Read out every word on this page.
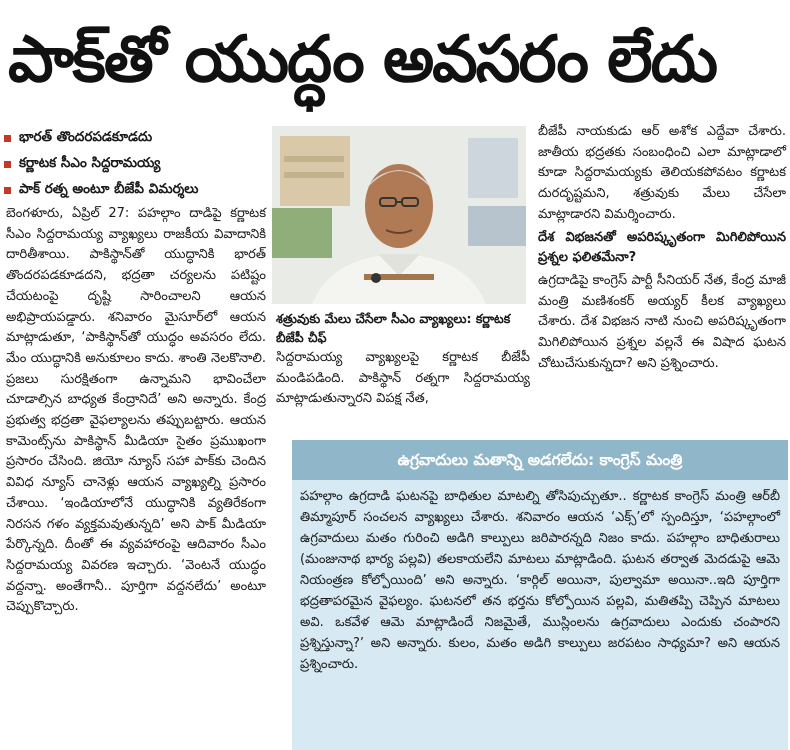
పాక్‌తో యుద్ధం అవసరం లేదు
భారత్ తొందరపడకూడదు
కర్ణాటక సీఎం సిద్దరామయ్య
పాక్ రత్న అంటూ బీజేపీ విమర్శలు

బెంగళూరు, ఏప్రిల్ 27: పహల్గాం దాడిపై కర్ణాటక సీఎం సిద్దరామయ్య వ్యాఖ్యలు రాజకీయ వివాదానికి దారితీశాయి. పాకిస్థాన్‌తో యుద్ధానికి భారత్ తొందరపడకూడదని, భద్రతా చర్యలను పటిష్టం చేయటంపై దృష్టి సారించాలని ఆయన అభిప్రాయపడ్డారు. శనివారం మైసూర్‌లో ఆయన మాట్లాడుతూ, ‘పాకిస్థాన్‌తో యుద్ధం అవసరం లేదు. మేం యుద్ధానికి అనుకూలం కాదు. శాంతి నెలకొనాలి. ప్రజలు సురక్షితంగా ఉన్నామని భావించేలా చూడాల్సిన బాధ్యత కేంద్రానిదే’ అని అన్నారు. కేంద్ర ప్రభుత్వ భద్రతా వైఫల్యాలను తప్పుబట్టారు. ఆయన కామెంట్స్‌ను పాకిస్థాన్ మీడియా సైతం ప్రముఖంగా ప్రసారం చేసింది. జియో న్యూస్ సహా పాక్‌కు చెందిన వివిధ న్యూస్ చానెళ్లు ఆయన వ్యాఖ్యల్ని ప్రసారం చేశాయి. ‘ఇండియాలోనే యుద్ధానికి వ్యతిరేకంగా నిరసన గళం వ్యక్తమవుతున్నది’ అని పాక్ మీడియా పేర్కొన్నది. దీంతో ఈ వ్యవహారంపై ఆదివారం సీఎం సిద్దరామయ్య వివరణ ఇచ్చారు. ‘వెంటనే యుద్ధం వద్దన్నా. అంతేగానీ.. పూర్తిగా వద్దనలేదు’ అంటూ చెప్పుకొచ్చారు.

శత్రువుకు మేలు చేసేలా సీఎం వ్యాఖ్యలు: కర్ణాటక బీజేపీ చీఫ్

సిద్దరామయ్య వ్యాఖ్యలపై కర్ణాటక బీజేపీ మండిపడింది. పాకిస్థాన్ రత్నగా సిద్దరామయ్య మాట్లాడుతున్నారని విపక్ష నేత,

బీజేపీ నాయకుడు ఆర్ అశోక ఎద్దేవా చేశారు. జాతీయ భద్రతకు సంబంధించి ఎలా మాట్లాడాలో కూడా సిద్దరామయ్యకు తెలియకపోవటం కర్ణాటక దురదృష్టమని, శత్రువుకు మేలు చేసేలా మాట్లాడారని విమర్శించారు.

దేశ విభజనతో అపరిష్కృతంగా మిగిలిపోయిన ప్రశ్నల ఫలితమేనా?

ఉగ్రదాడిపై కాంగ్రెస్ పార్టీ సీనియర్ నేత, కేంద్ర మాజీ మంత్రి మణిశంకర్ అయ్యర్ కీలక వ్యాఖ్యలు చేశారు. దేశ విభజన నాటి నుంచి అపరిష్కృతంగా మిగిలిపోయిన ప్రశ్నల వల్లనే ఈ విషాద ఘటన చోటుచేసుకున్నదా? అని ప్రశ్నించారు.

ఉగ్రవాదులు మతాన్ని అడగలేదు: కాంగ్రెస్ మంత్రి
పహల్గాం ఉగ్రదాడి ఘటనపై బాధితుల మాటల్ని తోసిపుచ్చుతూ.. కర్ణాటక కాంగ్రెస్ మంత్రి ఆర్‌బీ తిమ్మాపూర్ సంచలన వ్యాఖ్యలు చేశారు. శనివారం ఆయన ‘ఎక్స్’లో స్పందిస్తూ, ‘పహల్గాంలో ఉగ్రవాదులు మతం గురించి అడిగి కాల్పులు జరిపారన్నది నిజం కాదు. పహల్గాం బాధితురాలు (మంజునాథ భార్య పల్లవి) తలకాయలేని మాటలు మాట్లాడింది. ఘటన తర్వాత మెదడుపై ఆమె నియంత్రణ కోల్పోయింది’ అని అన్నారు. ‘కార్గిల్ అయినా, పుల్వామా అయినా..ఇది పూర్తిగా భద్రతాపరమైన వైఫల్యం. ఘటనలో తన భర్తను కోల్పోయిన పల్లవి, మతితప్పి చెప్పిన మాటలు అవి. ఒకవేళ ఆమె మాట్లాడిందే నిజమైతే, ముస్లింలను ఉగ్రవాదులు ఎందుకు చంపారని ప్రశ్నిస్తున్నా?’ అని అన్నారు. కులం, మతం అడిగి కాల్పులు జరపటం సాధ్యమా? అని ఆయన ప్రశ్నించారు.
